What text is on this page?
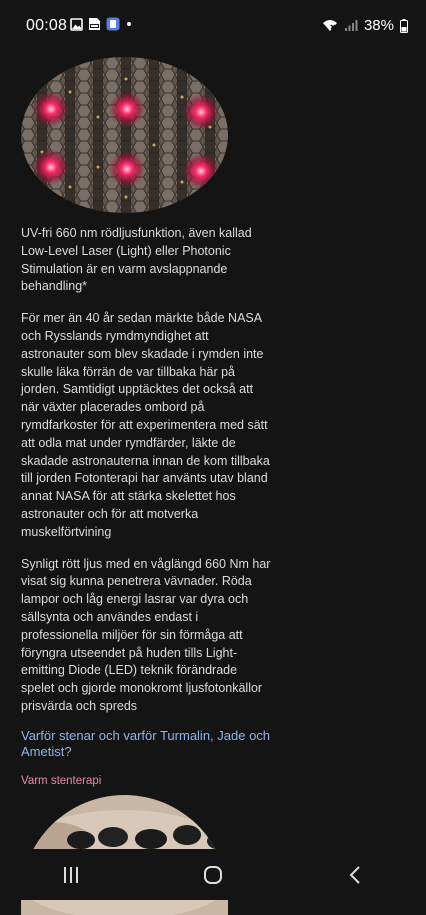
00:08	38%

UV-fri 660 nm rödljusfunktion, även kallad Low-Level Laser (Light) eller Photonic Stimulation är en varm avslappnande behandling*

För mer än 40 år sedan märkte både NASA och Rysslands rymdmyndighet att astronauter som blev skadade i rymden inte skulle läka förrän de var tillbaka här på jorden. Samtidigt upptäcktes det också att när växter placerades ombord på rymdfarkoster för att experimentera med sätt att odla mat under rymdfärder, läkte de skadade astronauterna innan de kom tillbaka till jorden Fotonterapi har använts utav bland annat NASA för att stärka skelettet hos astronauter och för att motverka muskelförtvining

Synligt rött ljus med en våglängd 660 Nm har visat sig kunna penetrera vävnader. Röda lampor och låg energi lasrar var dyra och sällsynta och användes endast i professionella miljöer för sin förmåga att föryngra utseendet på huden tills Light-emitting Diode (LED) teknik förändrade spelet och gjorde monokromt ljusfotonkällor prisvärda och spreds

Varför stenar och varför Turmalin, Jade och Ametist?
Varm stenterapi
